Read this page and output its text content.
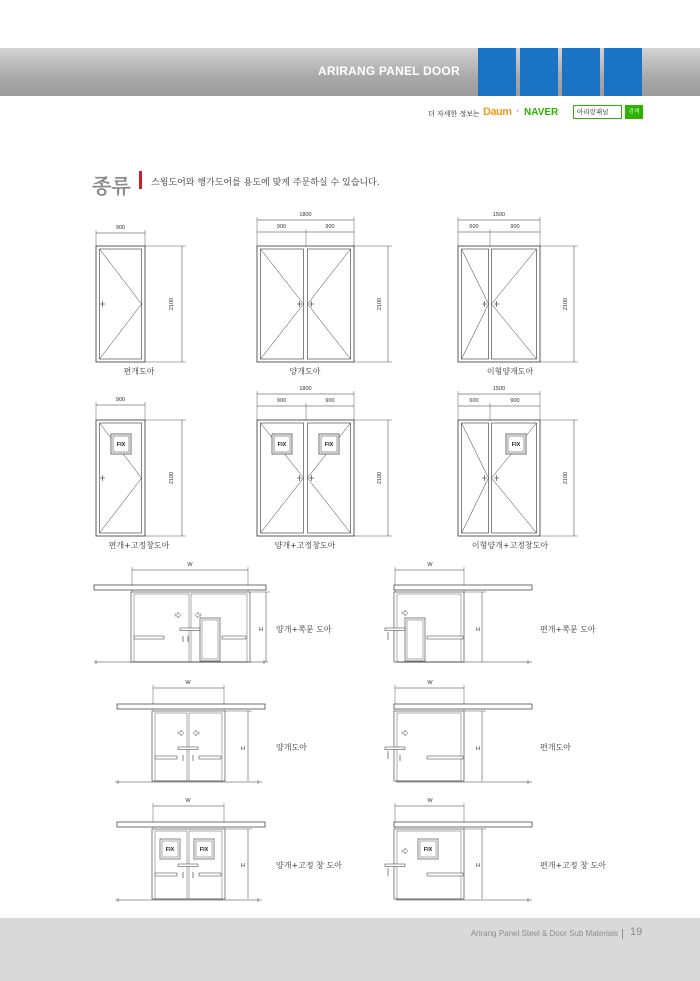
ARIRANG PANEL DOOR
더 자세한 정보는 Daum · NAVER	아리랑패널	검색
종류 스윙도어와 행가도어를 용도에 맞게 주문하실 수 있습니다.
900
2100
편개도아
1800
900	900
2100
양개도아
1500
600	900
2100
이형양개도아
FIX
900
2100
편개+고정창도아
FIX	FIX
1800
900	900
2100
양개+고정창도아
FIX
1500
600	900
2100
이형양개+고정창도아
W
H 양개+쪽문 도아
W
H	편개+쪽문 도아
W
H	양개도아
W
H	편개도아
FIX	FIX
W
H	양개+고정 창 도아
FIX
W
H	편개+고정 창 도아
Arirang Panel Steel & Door Sub Materials 19
